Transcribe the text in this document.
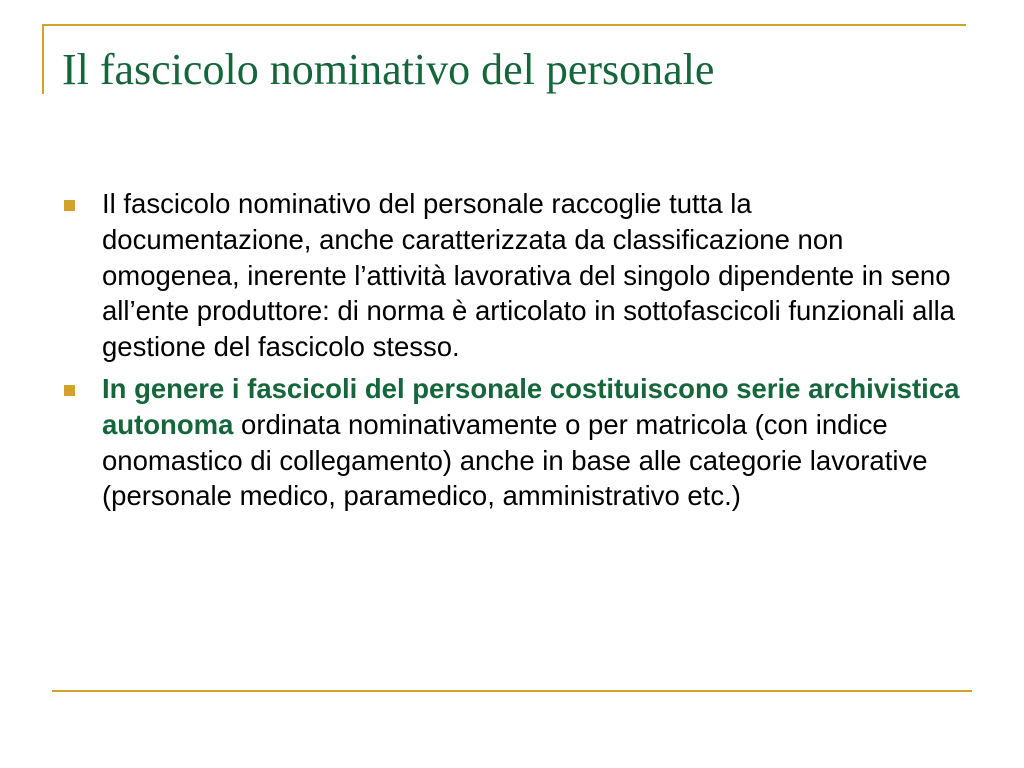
Il fascicolo nominativo del personale
Il fascicolo nominativo del personale raccoglie tutta la documentazione, anche caratterizzata da classificazione non omogenea, inerente l’attività lavorativa del singolo dipendente in seno all’ente produttore: di norma è articolato in sottofascicoli funzionali alla gestione del fascicolo stesso.
In genere i fascicoli del personale costituiscono serie archivistica autonoma ordinata nominativamente o per matricola (con indice onomastico di collegamento) anche in base alle categorie lavorative (personale medico, paramedico, amministrativo etc.)
